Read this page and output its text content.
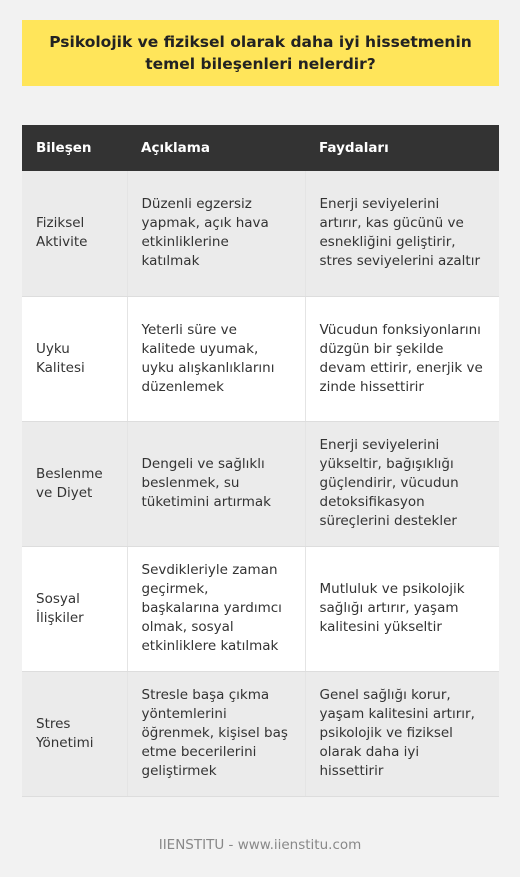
Psikolojik ve fiziksel olarak daha iyi hissetmenin temel bileşenleri nelerdir?
Bileşen	Açıklama	Faydaları
Fiziksel Aktivite	Düzenli egzersiz yapmak, açık hava etkinliklerine katılmak	Enerji seviyelerini artırır, kas gücünü ve esnekliğini geliştirir, stres seviyelerini azaltır
Uyku Kalitesi	Yeterli süre ve kalitede uyumak, uyku alışkanlıklarını düzenlemek	Vücudun fonksiyonlarını düzgün bir şekilde devam ettirir, enerjik ve zinde hissettirir
Beslenme ve Diyet	Dengeli ve sağlıklı beslenmek, su tüketimini artırmak	Enerji seviyelerini yükseltir, bağışıklığı güçlendirir, vücudun detoksifikasyon süreçlerini destekler
Sosyal İlişkiler	Sevdikleriyle zaman geçirmek, başkalarına yardımcı olmak, sosyal etkinliklere katılmak	Mutluluk ve psikolojik sağlığı artırır, yaşam kalitesini yükseltir
Stres Yönetimi	Stresle başa çıkma yöntemlerini öğrenmek, kişisel baş etme becerilerini geliştirmek	Genel sağlığı korur, yaşam kalitesini artırır, psikolojik ve fiziksel olarak daha iyi hissettirir
IIENSTITU - www.iienstitu.com
